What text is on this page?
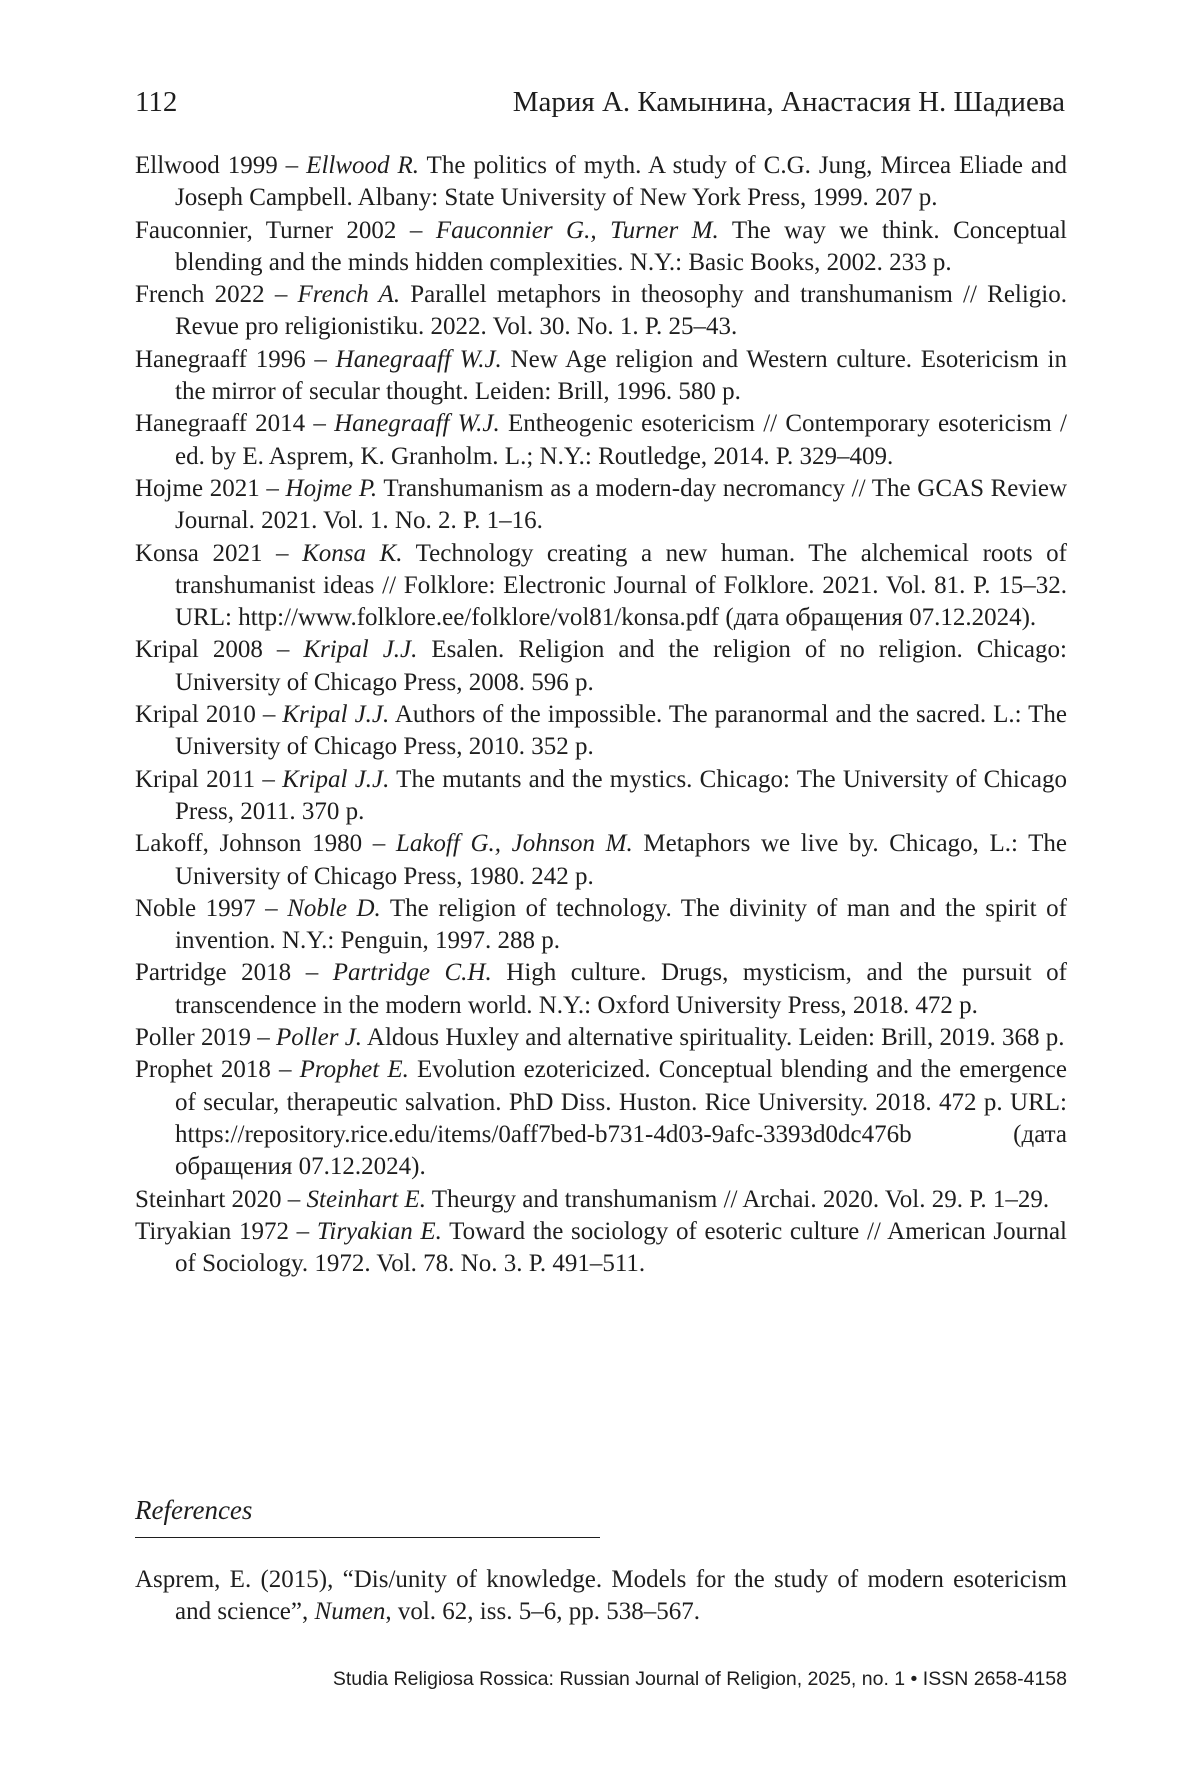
112	Мария А. Камынина, Анастасия Н. Шадиева
Ellwood 1999 – Ellwood R. The politics of myth. A study of C.G. Jung, Mircea Eliade and Joseph Campbell. Albany: State University of New York Press, 1999. 207 p.
Fauconnier, Turner 2002 – Fauconnier G., Turner M. The way we think. Conceptual blending and the minds hidden complexities. N.Y.: Basic Books, 2002. 233 p.
French 2022 – French A. Parallel metaphors in theosophy and transhumanism // Religio. Revue pro religionistiku. 2022. Vol. 30. No. 1. P. 25–43.
Hanegraaff 1996 – Hanegraaff W.J. New Age religion and Western culture. Esotericism in the mirror of secular thought. Leiden: Brill, 1996. 580 p.
Hanegraaff 2014 – Hanegraaff W.J. Entheogenic esotericism // Contemporary esotericism / ed. by E. Asprem, K. Granholm. L.; N.Y.: Routledge, 2014. P. 329–409.
Hojme 2021 – Hojme P. Transhumanism as a modern-day necromancy // The GCAS Review Journal. 2021. Vol. 1. No. 2. P. 1–16.
Konsa 2021 – Konsa K. Technology creating a new human. The alchemical roots of transhumanist ideas // Folklore: Electronic Journal of Folklore. 2021. Vol. 81. P. 15–32. URL: http://www.folklore.ee/folklore/vol81/konsa.pdf (дата обращения 07.12.2024).
Kripal 2008 – Kripal J.J. Esalen. Religion and the religion of no religion. Chicago: University of Chicago Press, 2008. 596 p.
Kripal 2010 – Kripal J.J. Authors of the impossible. The paranormal and the sacred. L.: The University of Chicago Press, 2010. 352 p.
Kripal 2011 – Kripal J.J. The mutants and the mystics. Chicago: The University of Chicago Press, 2011. 370 p.
Lakoff, Johnson 1980 – Lakoff G., Johnson M. Metaphors we live by. Chicago, L.: The University of Chicago Press, 1980. 242 p.
Noble 1997 – Noble D. The religion of technology. The divinity of man and the spirit of invention. N.Y.: Penguin, 1997. 288 p.
Partridge 2018 – Partridge C.H. High culture. Drugs, mysticism, and the pursuit of transcendence in the modern world. N.Y.: Oxford University Press, 2018. 472 p.
Poller 2019 – Poller J. Aldous Huxley and alternative spirituality. Leiden: Brill, 2019. 368 p.
Prophet 2018 – Prophet E. Evolution ezotericized. Conceptual blending and the emergence of secular, therapeutic salvation. PhD Diss. Huston. Rice University. 2018. 472 p. URL: https://repository.rice.edu/items/0aff7bed-b731-4d03-9afc-3393d0dc476b (дата обращения 07.12.2024).
Steinhart 2020 – Steinhart E. Theurgy and transhumanism // Archai. 2020. Vol. 29. P. 1–29.
Tiryakian 1972 – Tiryakian E. Toward the sociology of esoteric culture // American Journal of Sociology. 1972. Vol. 78. No. 3. P. 491–511.
References
Asprem, E. (2015), “Dis/unity of knowledge. Models for the study of modern esotericism and science”, Numen, vol. 62, iss. 5–6, pp. 538–567.
Studia Religiosa Rossica: Russian Journal of Religion, 2025, no. 1 • ISSN 2658-4158
